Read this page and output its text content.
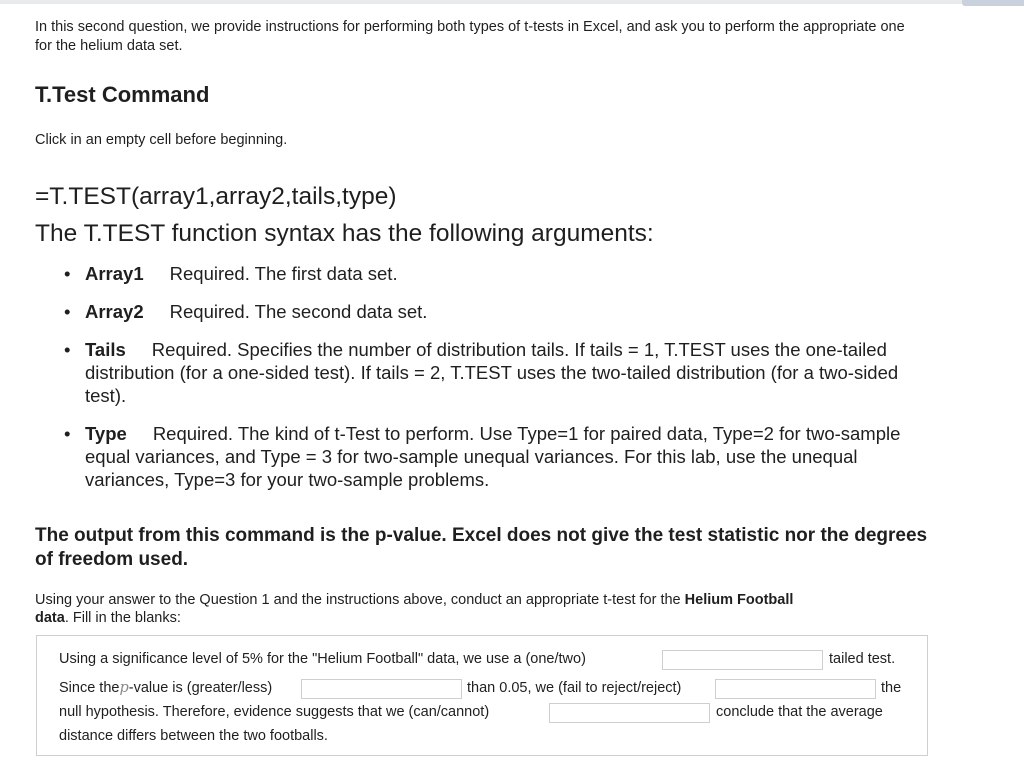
In this second question, we provide instructions for performing both types of t-tests in Excel, and ask you to perform the appropriate one for the helium data set.
T.Test Command
Click in an empty cell before beginning.
=T.TEST(array1,array2,tails,type)
The T.TEST function syntax has the following arguments:
• Array1 Required. The first data set.
• Array2 Required. The second data set.
• Tails Required. Specifies the number of distribution tails. If tails = 1, T.TEST uses the one-tailed distribution (for a one-sided test). If tails = 2, T.TEST uses the two-tailed distribution (for a two-sided test).
• Type Required. The kind of t-Test to perform. Use Type=1 for paired data, Type=2 for two-sample equal variances, and Type = 3 for two-sample unequal variances. For this lab, use the unequal variances, Type=3 for your two-sample problems.
The output from this command is the p-value. Excel does not give the test statistic nor the degrees of freedom used.
Using your answer to the Question 1 and the instructions above, conduct an appropriate t-test for the Helium Football
data. Fill in the blanks:
Using a significance level of 5% for the "Helium Football" data, we use a (one/two)	tailed test.
Since thep-value is (greater/less)	than 0.05, we (fail to reject/reject)	the
null hypothesis. Therefore, evidence suggests that we (can/cannot)	conclude that the average
distance differs between the two footballs.
